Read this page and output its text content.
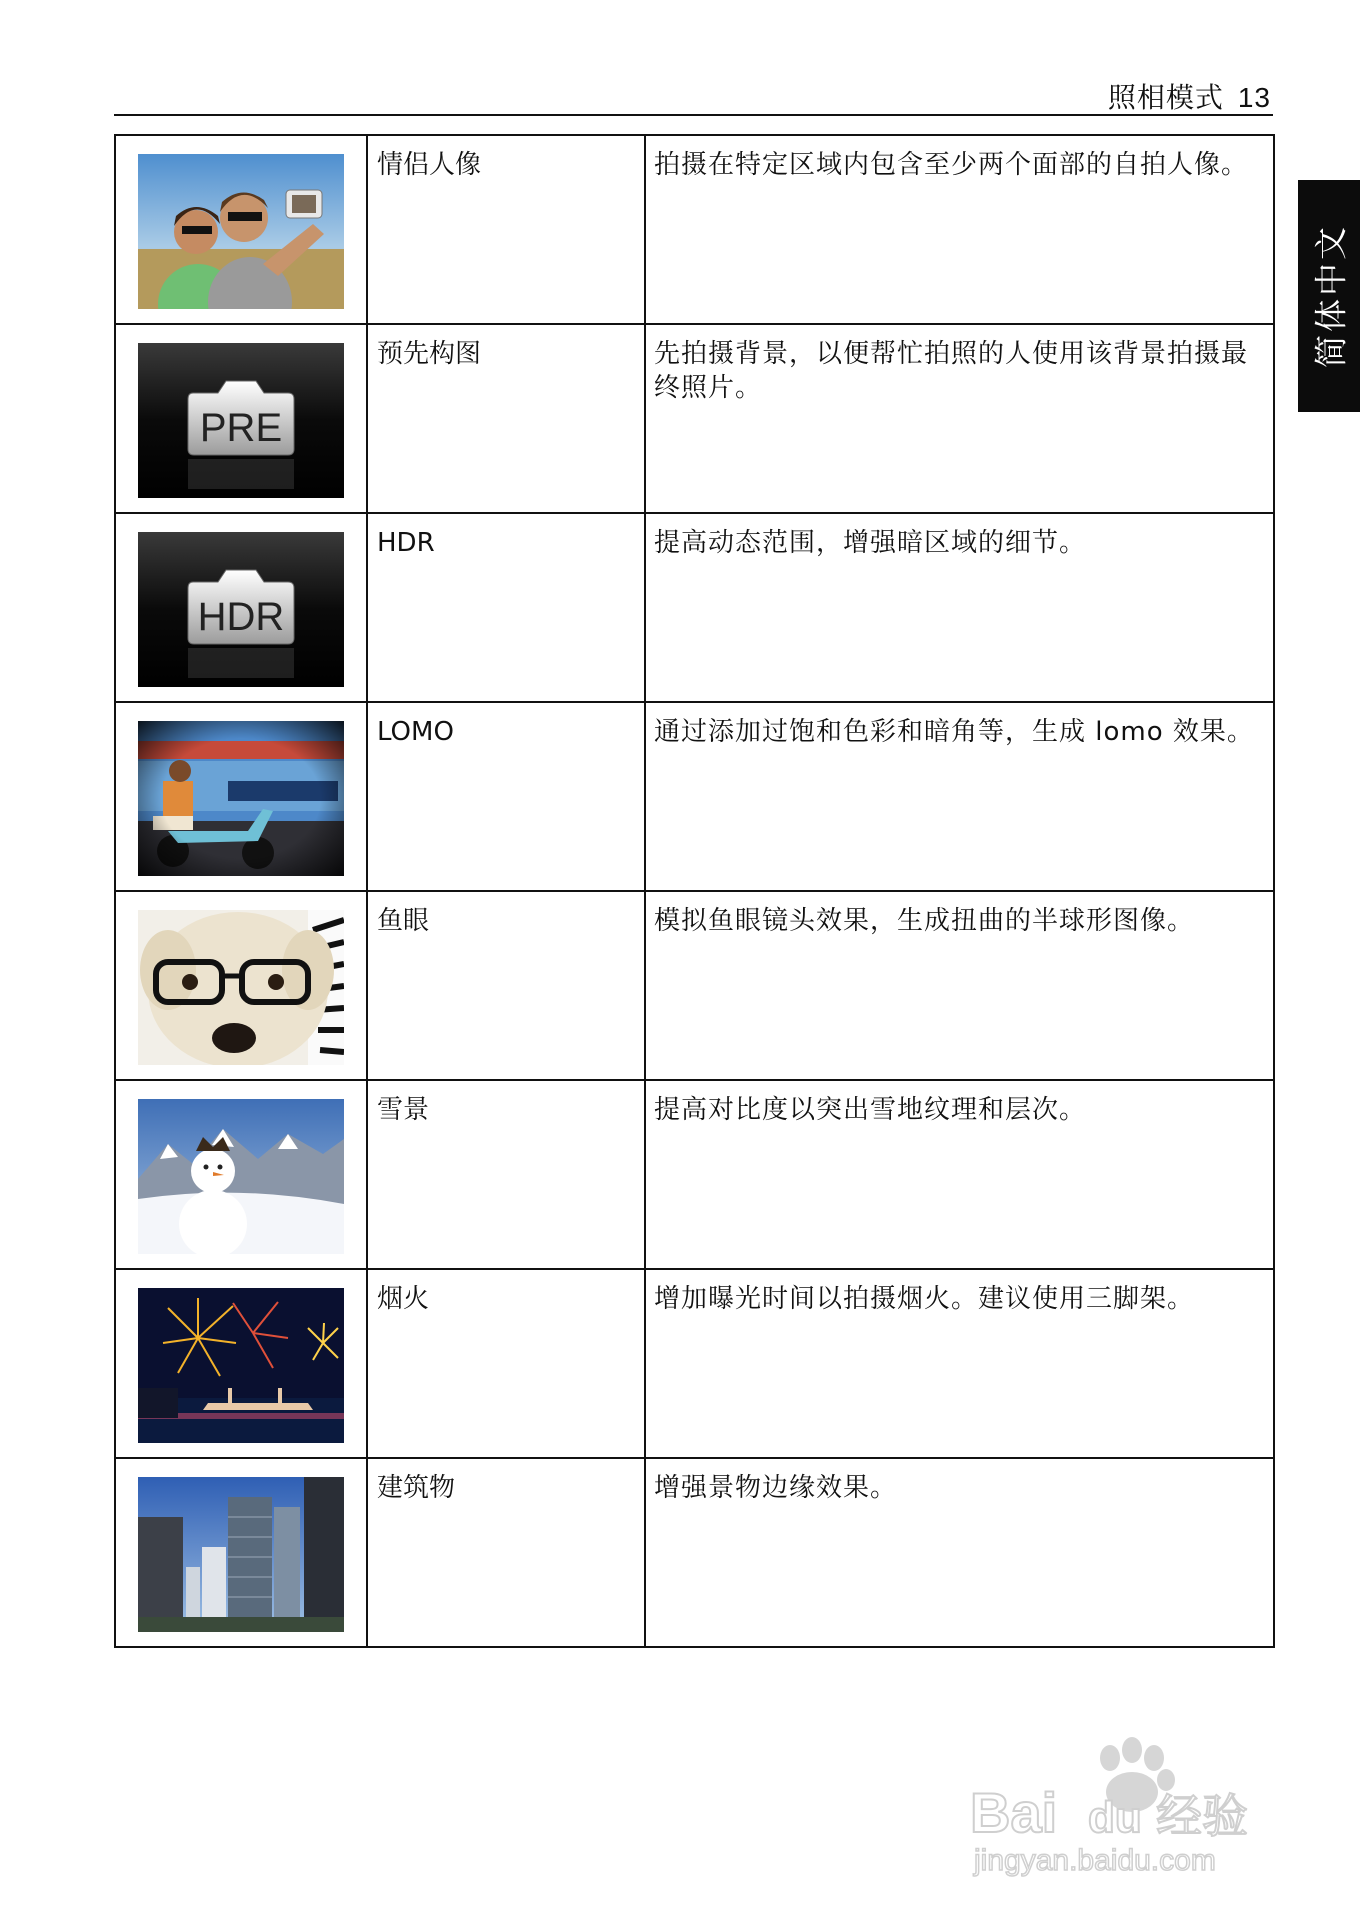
照相模式 13
简体中文

情侣人像	拍摄在特定区域内包含至少两个面部的自拍人像。

PRE	预先构图	先拍摄背景，以便帮忙拍照的人使用该背景拍摄最终照片。

HDR	HDR	提高动态范围，增强暗区域的细节。

LOMO	通过添加过饱和色彩和暗角等，生成 lomo 效果。

鱼眼	模拟鱼眼镜头效果，生成扭曲的半球形图像。

雪景	提高对比度以突出雪地纹理和层次。

烟火	增加曝光时间以拍摄烟火。建议使用三脚架。

建筑物	增强景物边缘效果。
Bai du 经验
jingyan.baidu.com
